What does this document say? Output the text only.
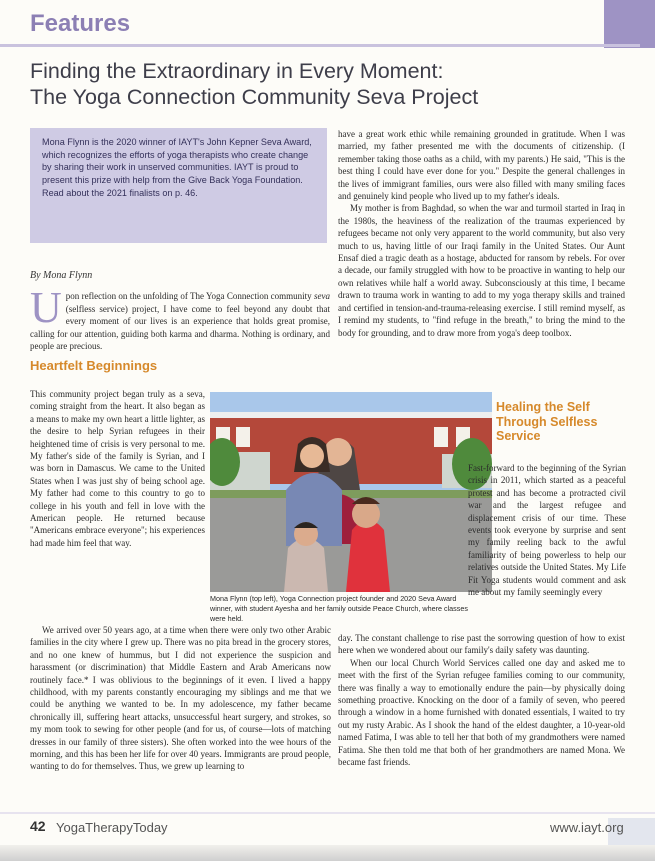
Features
Finding the Extraordinary in Every Moment:
The Yoga Connection Community Seva Project
Mona Flynn is the 2020 winner of IAYT's John Kepner Seva Award, which recognizes the efforts of yoga therapists who create change by sharing their work in unserved communities. IAYT is proud to present this prize with help from the Give Back Yoga Foundation. Read about the 2021 finalists on p. 46.
By Mona Flynn
Upon reflection on the unfolding of The Yoga Connection community seva (selfless service) project, I have come to feel beyond any doubt that every moment of our lives is an experience that holds great promise, calling for our attention, guiding both karma and dharma. Nothing is ordinary, and people are precious.
Heartfelt Beginnings

This community project began truly as a seva, coming straight from the heart. It also began as a means to make my own heart a little lighter, as the desire to help Syrian refugees in their heightened time of crisis is very personal to me. My father's side of the family is Syrian, and I was born in Damascus. We came to the United States when I was just shy of being school age. My father had come to this country to go to college in his youth and fell in love with the American people. He returned because "Americans embrace everyone"; his experiences had made him feel that way.

Mona Flynn (top left), Yoga Connection project founder and 2020 Seva Award winner, with student Ayesha and her family outside Peace Church, where classes were held.

We arrived over 50 years ago, at a time when there were only two other Arabic families in the city where I grew up. There was no pita bread in the grocery stores, and no one knew of hummus, but I did not experience the suspicion and harassment (or discrimination) that Middle Eastern and Arab Americans now routinely face.* I was oblivious to the beginnings of it even. I lived a happy childhood, with my parents constantly encouraging my siblings and me that we could be anything we wanted to be. In my adolescence, my father became chronically ill, suffering heart attacks, unsuccessful heart surgery, and strokes, so my mom took to sewing for other people (and for us, of course—lots of matching dresses in our family of three sisters). She often worked into the wee hours of the morning, and this has been her life for over 40 years. Immigrants are proud people, wanting to do for themselves. Thus, we grew up learning to

have a great work ethic while remaining grounded in gratitude. When I was married, my father presented me with the documents of citizenship. (I remember taking those oaths as a child, with my parents.) He said, "This is the best thing I could have ever done for you." Despite the general challenges in the lives of immigrant families, ours were also filled with many smiling faces and genuinely kind people who lived up to my father's ideals.

My mother is from Baghdad, so when the war and turmoil started in Iraq in the 1980s, the heaviness of the realization of the traumas experienced by refugees became not only very apparent to the world community, but also very much to us, having little of our Iraqi family in the United States. Our Aunt Ensaf died a tragic death as a hostage, abducted for ransom by rebels. For over a decade, our family struggled with how to be proactive in wanting to help our own relatives while half a world away. Subconsciously at this time, I became drawn to trauma work in wanting to add to my yoga therapy skills and trained and certified in tension-and-trauma-releasing exercise. I still remind myself, as I remind my students, to "find refuge in the breath," to bring the mind to the body for grounding, and to draw more from yoga's deep toolbox.

Healing the Self Through Selfless Service

Fast-forward to the beginning of the Syrian crisis in 2011, which started as a peaceful protest and has become a protracted civil war and the largest refugee and displacement crisis of our time. These events took everyone by surprise and sent my family reeling back to the awful familiarity of being powerless to help our relatives outside the United States. My Life Fit Yoga students would comment and ask me about my family seemingly every

day. The constant challenge to rise past the sorrowing question of how to exist here when we wondered about our family's daily safety was daunting.

When our local Church World Services called one day and asked me to meet with the first of the Syrian refugee families coming to our community, there was finally a way to emotionally endure the pain—by physically doing something proactive. Knocking on the door of a family of seven, who peered through a window in a home furnished with donated essentials, I waited to try out my rusty Arabic. As I shook the hand of the eldest daughter, a 10-year-old named Fatima, I was able to tell her that both of my grandmothers were named Fatima. She then told me that both of her grandmothers are named Mona. We became fast friends.

42 YogaTherapyToday	www.iayt.org
